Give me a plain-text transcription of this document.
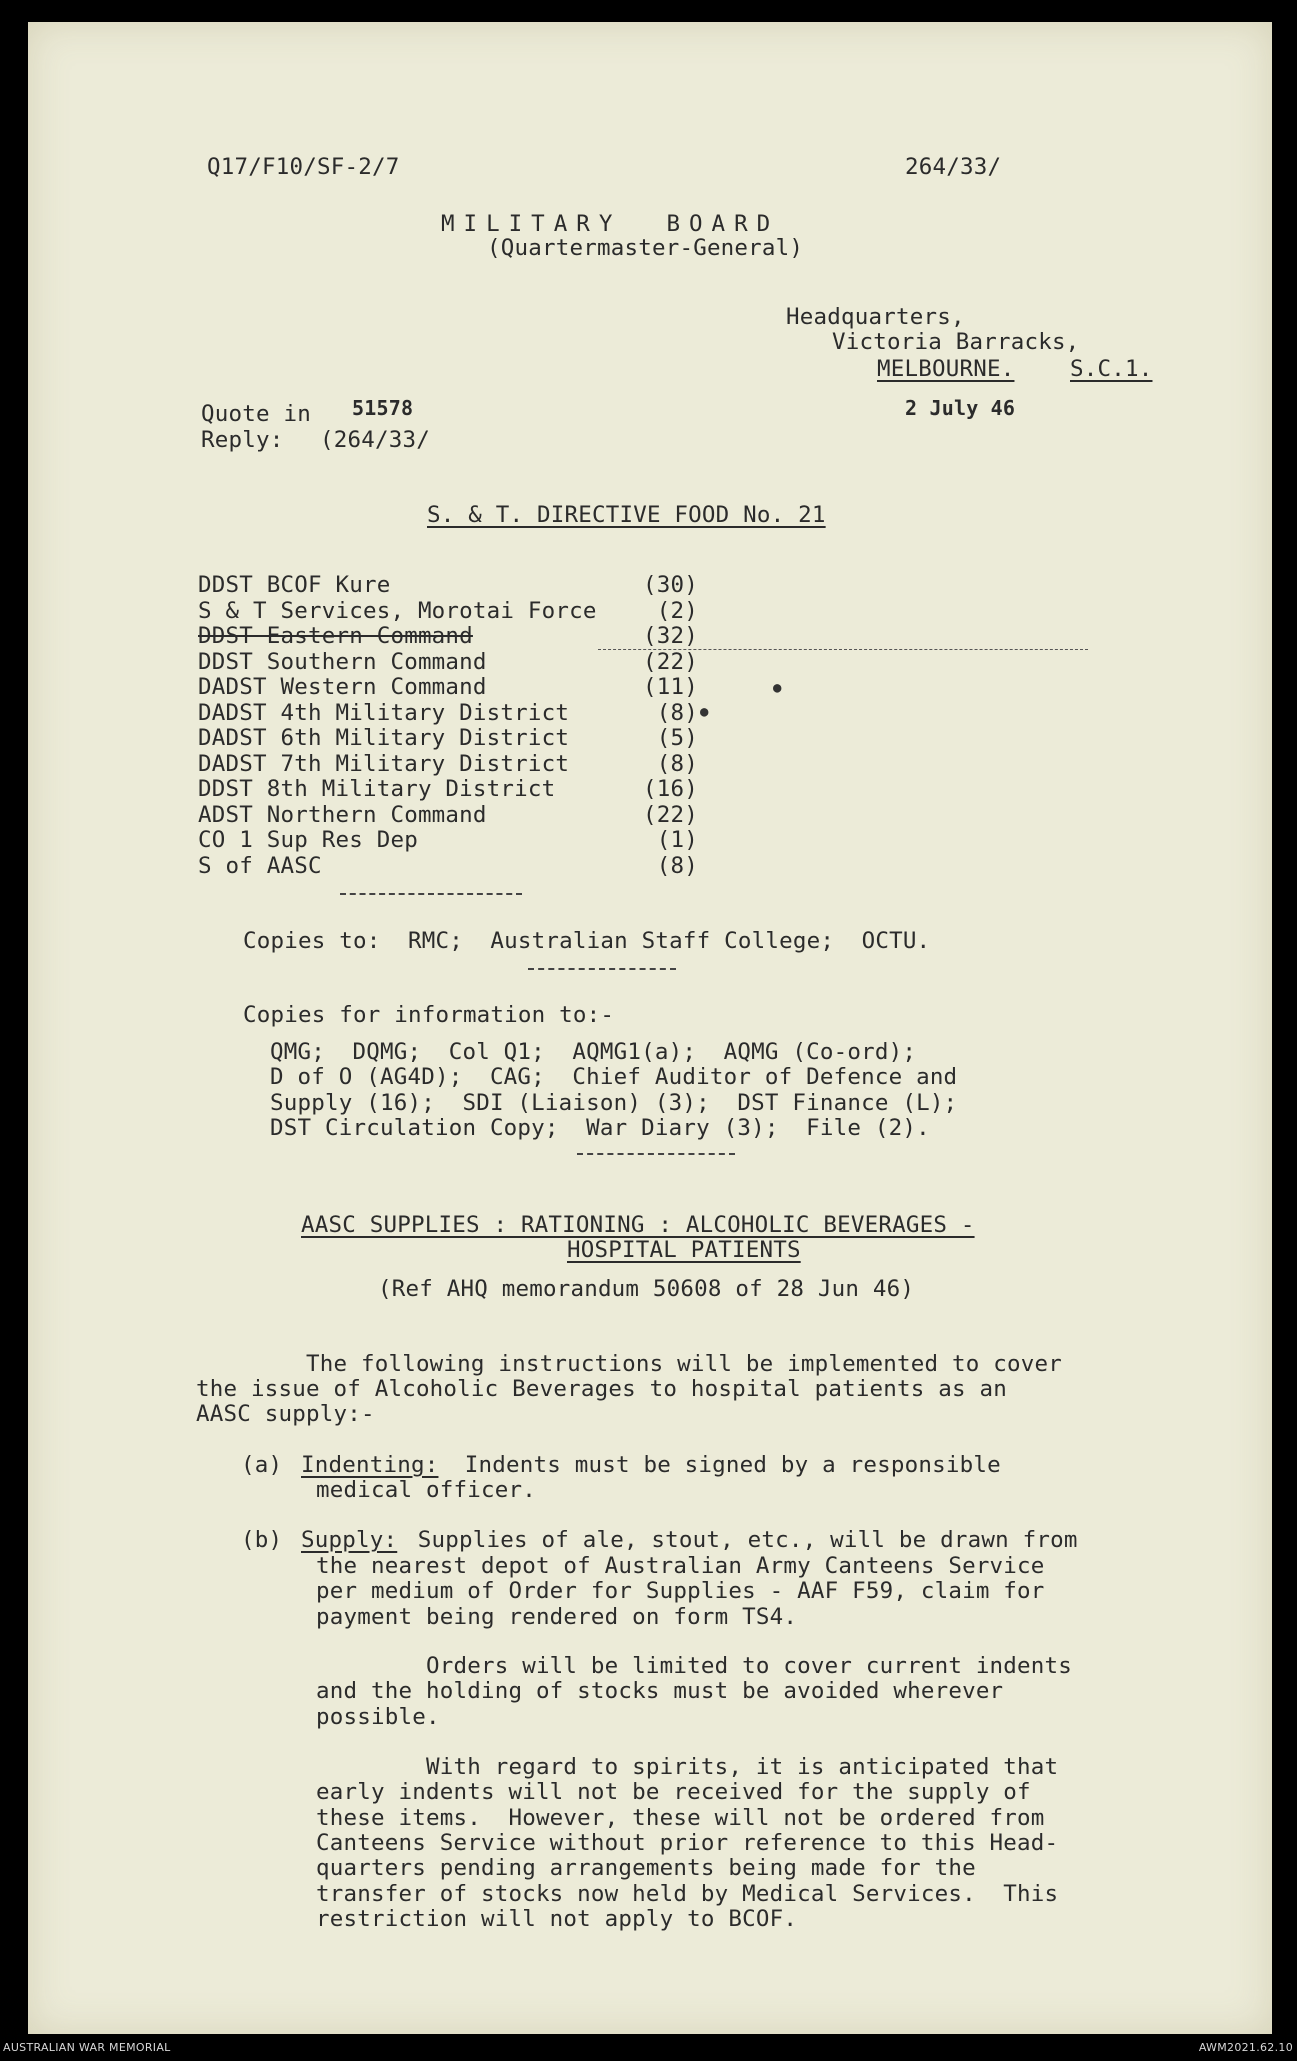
Q17/F10/SF-2/7	264/33/
MILITARY  BOARD
(Quartermaster-General)
Headquarters,
Victoria Barracks,
MELBOURNE. S.C.1.
Quote in 51578
Reply: (264/33/
2 July 46
S. & T. DIRECTIVE FOOD No. 21
DDST BCOF Kure	(30)
S & T Services, Morotai Force	(2)
DDST Eastern Command	(32)
DDST Southern Command	(22)
DADST Western Command	(11)
DADST 4th Military District	(8)
DADST 6th Military District	(5)
DADST 7th Military District	(8)
DDST 8th Military District	(16)
ADST Northern Command	(22)
CO 1 Sup Res Dep	(1)
S of AASC	(8)
●
●
Copies to:  RMC;  Australian Staff College;  OCTU.
Copies for information to:-
QMG;  DQMG;  Col Q1;  AQMG1(a);  AQMG (Co-ord);
D of O (AG4D);  CAG;  Chief Auditor of Defence and
Supply (16);  SDI (Liaison) (3);  DST Finance (L);
DST Circulation Copy;  War Diary (3);  File (2).
AASC SUPPLIES : RATIONING : ALCOHOLIC BEVERAGES -
HOSPITAL PATIENTS
(Ref AHQ memorandum 50608 of 28 Jun 46)
The following instructions will be implemented to cover
the issue of Alcoholic Beverages to hospital patients as an
AASC supply:-
(a) Indenting: Indents must be signed by a responsible
medical officer.
(b) Supply: Supplies of ale, stout, etc., will be drawn from
the nearest depot of Australian Army Canteens Service
per medium of Order for Supplies - AAF F59, claim for
payment being rendered on form TS4.
Orders will be limited to cover current indents
and the holding of stocks must be avoided wherever
possible.
With regard to spirits, it is anticipated that
early indents will not be received for the supply of
these items.  However, these will not be ordered from
Canteens Service without prior reference to this Head-
quarters pending arrangements being made for the
transfer of stocks now held by Medical Services.  This
restriction will not apply to BCOF.
AUSTRALIAN WAR MEMORIAL	AWM2021.62.10
